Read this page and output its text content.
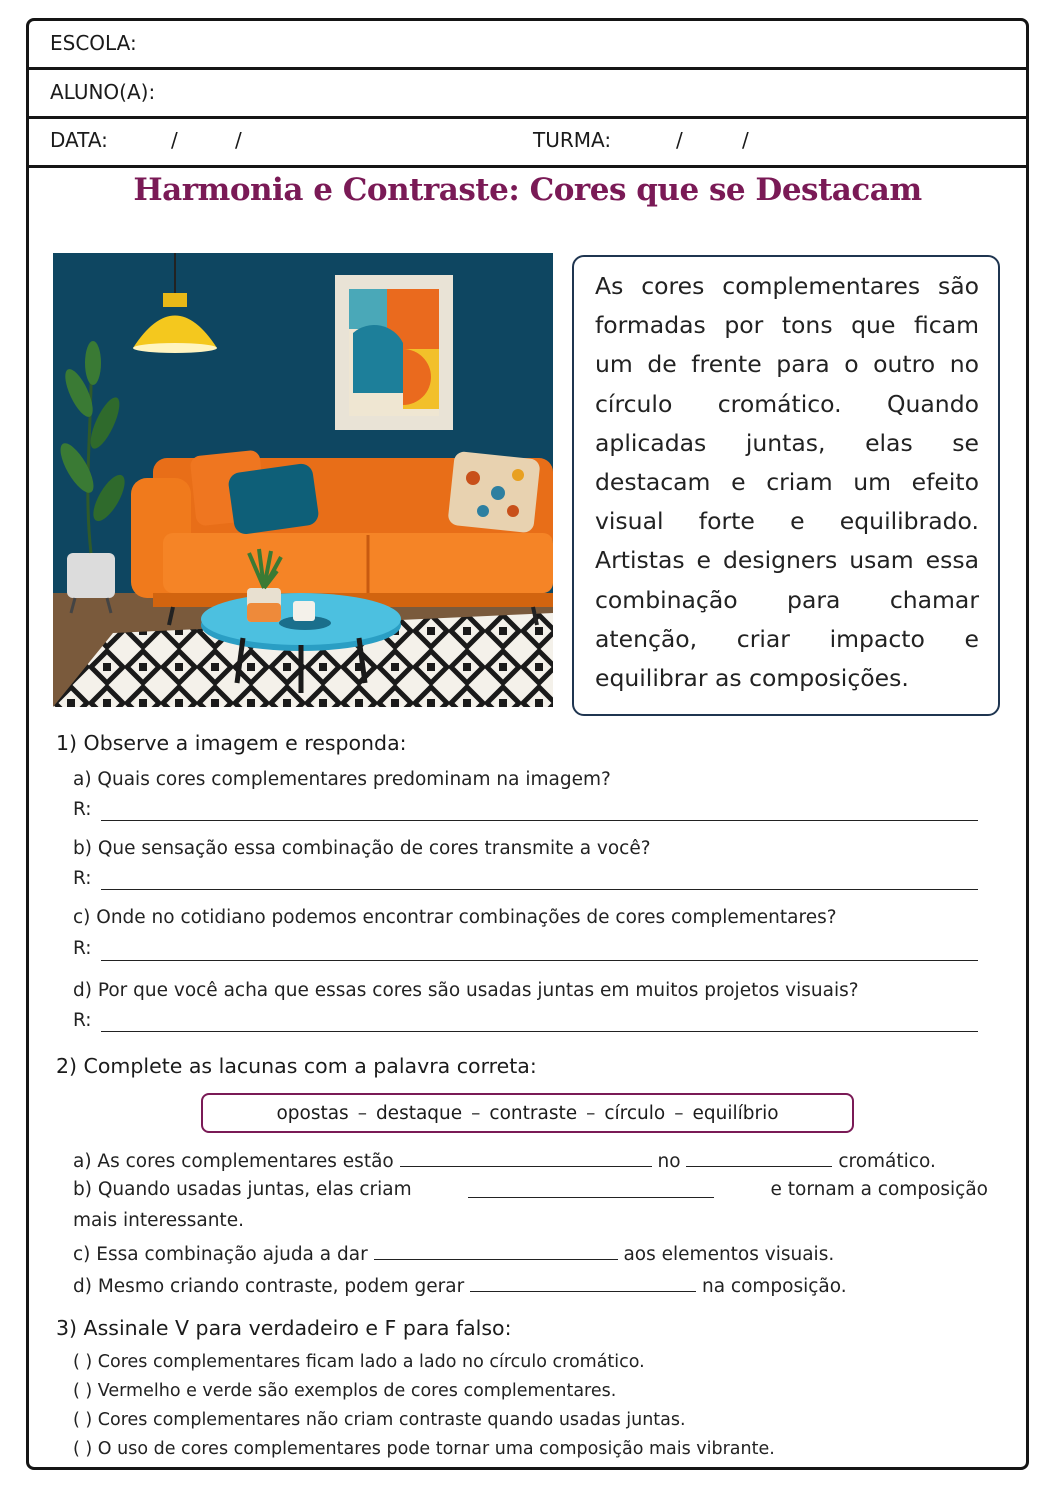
ESCOLA:
ALUNO(A):
DATA:	/	/	TURMA:	/	/
Harmonia e Contraste: Cores que se Destacam

As cores complementares são formadas por tons que ficam um de frente para o outro no círculo cromático. Quando aplicadas juntas, elas se destacam e criam um efeito visual forte e equilibrado. Artistas e designers usam essa combinação para chamar atenção, criar impacto e equilibrar as composições.

1) Observe a imagem e responda:
a) Quais cores complementares predominam na imagem?
R:
b) Que sensação essa combinação de cores transmite a você?
R:
c) Onde no cotidiano podemos encontrar combinações de cores complementares?
R:
d) Por que você acha que essas cores são usadas juntas em muitos projetos visuais?
R:
2) Complete as lacunas com a palavra correta:
opostas – destaque – contraste – círculo – equilíbrio
a) As cores complementares estão	no	cromático.
b) Quando usadas juntas, elas criam	e tornam a composição
mais interessante.
c) Essa combinação ajuda a dar	aos elementos visuais.
d) Mesmo criando contraste, podem gerar	na composição.
3) Assinale V para verdadeiro e F para falso:
( ) Cores complementares ficam lado a lado no círculo cromático.
( ) Vermelho e verde são exemplos de cores complementares.
( ) Cores complementares não criam contraste quando usadas juntas.
( ) O uso de cores complementares pode tornar uma composição mais vibrante.
